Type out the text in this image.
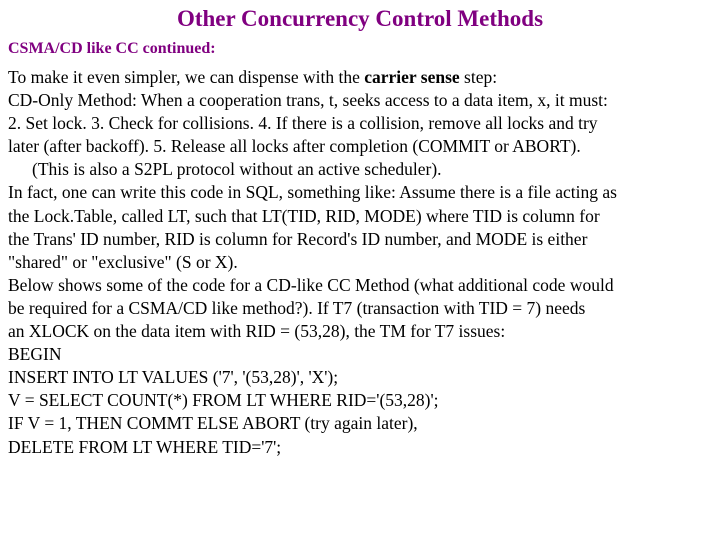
Other Concurrency Control Methods
CSMA/CD like CC continued:
To make it even simpler, we can dispense with the carrier sense step:
CD-Only Method: When a cooperation trans, t, seeks access to a data item, x, it must:
2. Set lock. 3. Check for collisions. 4. If there is a collision, remove all locks and try
later (after backoff). 5. Release all locks after completion (COMMIT or ABORT).
(This is also a S2PL protocol without an active scheduler).
In fact, one can write this code in SQL, something like: Assume there is a file acting as
the Lock.Table, called LT, such that LT(TID, RID, MODE) where TID is column for
the Trans' ID number, RID is column for Record's ID number, and MODE is either
"shared" or "exclusive" (S or X).
Below shows some of the code for a CD-like CC Method (what additional code would
be required for a CSMA/CD like method?). If T7 (transaction with TID = 7) needs
an XLOCK on the data item with RID = (53,28), the TM for T7 issues:
BEGIN
INSERT INTO LT VALUES ('7', '(53,28)', 'X');
V = SELECT COUNT(*) FROM LT WHERE RID='(53,28)';
IF V = 1, THEN COMMT ELSE ABORT (try again later),
DELETE FROM LT WHERE TID='7';
